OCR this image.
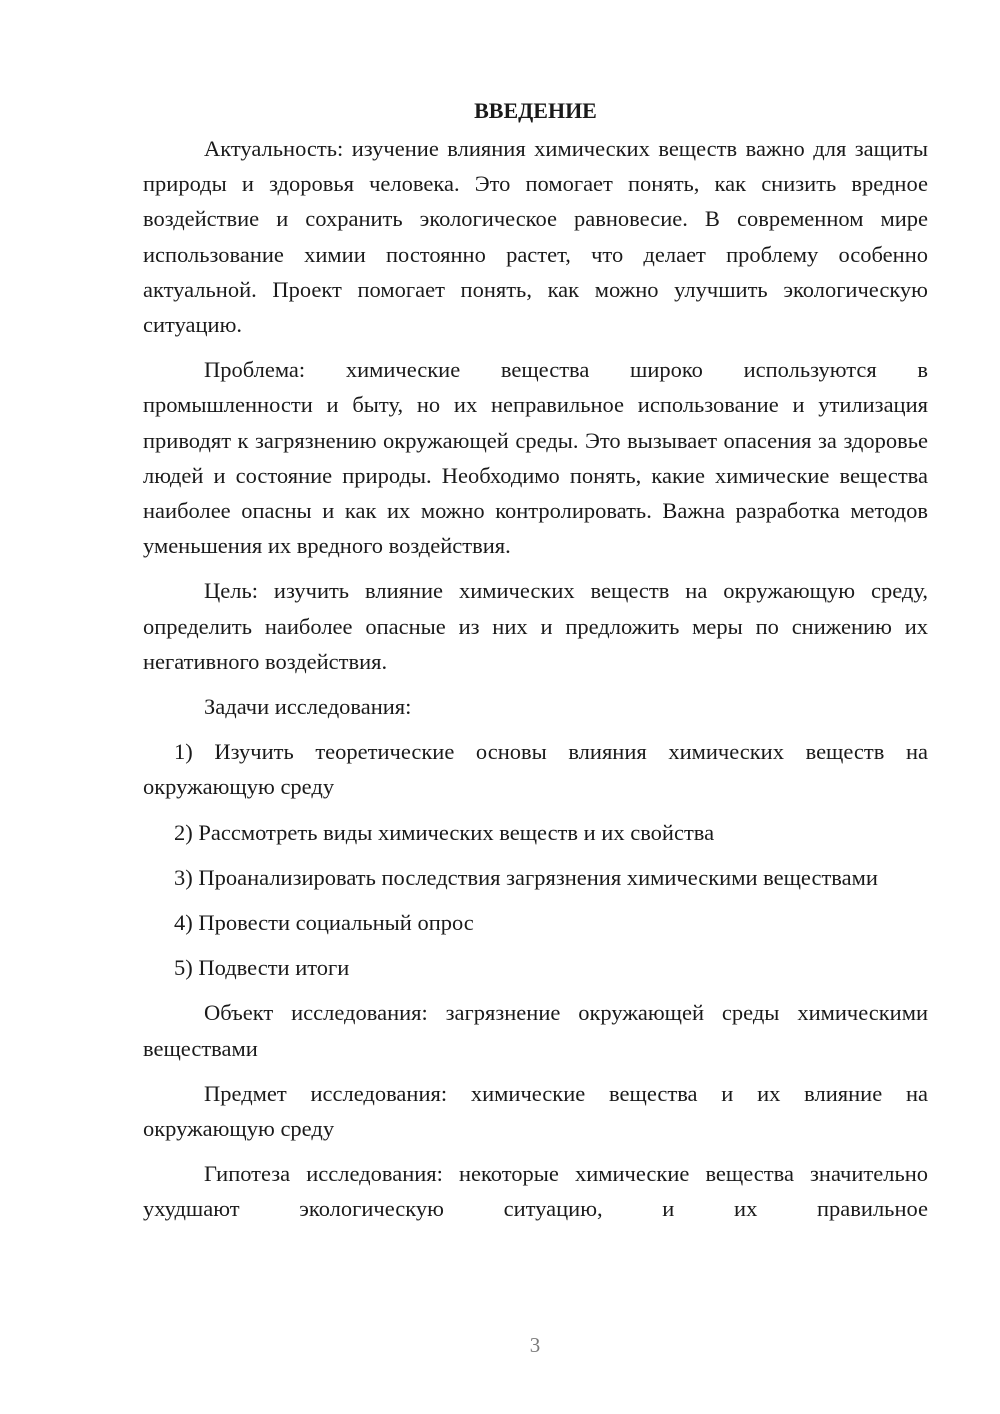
ВВЕДЕНИЕ

Актуальность: изучение влияния химических веществ важно для защиты природы и здоровья человека. Это помогает понять, как снизить вредное воздействие и сохранить экологическое равновесие. В современном мире использование химии постоянно растет, что делает проблему особенно актуальной. Проект помогает понять, как можно улучшить экологическую ситуацию.

Проблема: химические вещества широко используются в промышленности и быту, но их неправильное использование и утилизация приводят к загрязнению окружающей среды. Это вызывает опасения за здоровье людей и состояние природы. Необходимо понять, какие химические вещества наиболее опасны и как их можно контролировать. Важна разработка методов уменьшения их вредного воздействия.

Цель: изучить влияние химических веществ на окружающую среду, определить наиболее опасные из них и предложить меры по снижению их негативного воздействия.

Задачи исследования:

1) Изучить теоретические основы влияния химических веществ на окружающую среду

2) Рассмотреть виды химических веществ и их свойства

3) Проанализировать последствия загрязнения химическими веществами

4) Провести социальный опрос

5) Подвести итоги

Объект исследования: загрязнение окружающей среды химическими веществами

Предмет исследования: химические вещества и их влияние на окружающую среду

Гипотеза исследования: некоторые химические вещества значительно ухудшают экологическую ситуацию, и их правильное

3
